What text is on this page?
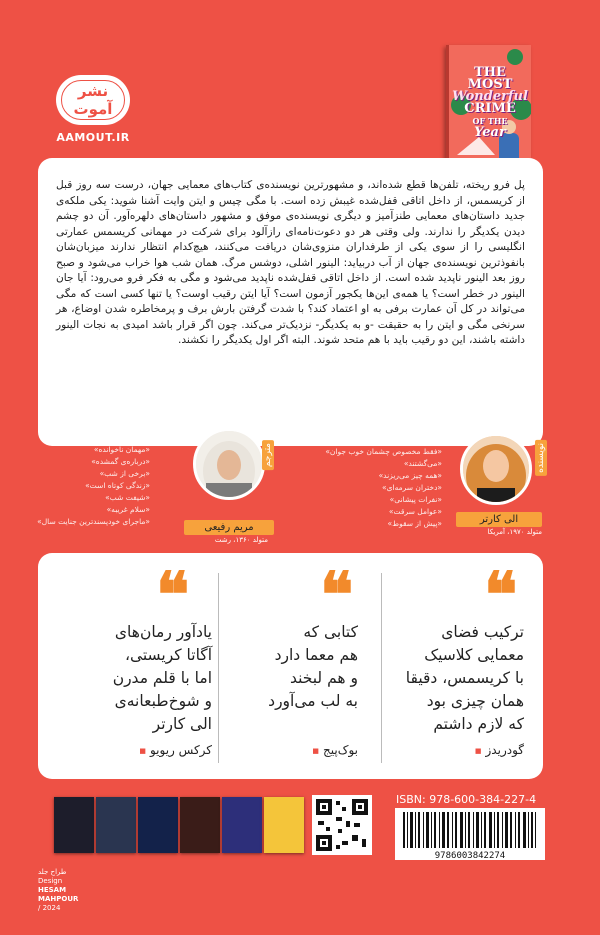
نشر آموت
AAMOUT.IR
THE
MOST
Wonderful
CRIME
OF THE
Year

پل فرو ریخته، تلفن‌ها قطع شده‌اند، و مشهورترین نویسنده‌ی کتاب‌های معمایی جهان، درست سه روز قبل از کریسمس، از داخل اتاقی قفل‌شده غیبش زده است. با مگی چیس و ایتن وایت آشنا شوید: یکی ملکه‌ی جدید داستان‌های معمایی طنزآمیز و دیگری نویسنده‌ی موفق و مشهور داستان‌های دلهره‌آور. آن دو چشم دیدن یکدیگر را ندارند. ولی وقتی هر دو دعوت‌نامه‌ای رازآلود برای شرکت در مهمانی کریسمس عمارتی انگلیسی را از سوی یکی از طرفداران منزوی‌شان دریافت می‌کنند، هیچ‌کدام انتظار ندارند میزبان‌شان بانفوذترین نویسنده‌ی جهان از آب دربیاید: الینور اشلی، دوشس مرگ. همان شب هوا خراب می‌شود و صبح روز بعد الینور ناپدید شده است. از داخل اتاقی قفل‌شده ناپدید می‌شود و مگی به فکر فرو می‌رود: آیا جان الینور در خطر است؟ یا همه‌ی این‌ها یکجور آزمون است؟ آیا ایتن رقیب اوست؟ یا تنها کسی است که مگی می‌تواند در کل آن عمارت برفی به او اعتماد کند؟ با شدت گرفتن بارش برف و پرمخاطره شدن اوضاع، هر سرنخی مگی و ایتن را به حقیقت -و به یکدیگر- نزدیک‌تر می‌کند. چون اگر قرار باشد امیدی به نجات الینور داشته باشند، این دو رقیب باید با هم متحد شوند. البته اگر اول یکدیگر را نکشند.

نویسنده
الی کارتر
متولد ۱۹۷۰، آمریکا
آثار منتشرشده
«فقط مخصوص چشمان خوب جوان»
«می‌گشتند»
«همه چیز می‌ریزند»
«دختران سرمه‌ای»
«نفرات پیشانی»
«عوامل سرقت»
«پیش از سقوط»
مترجم
مریم رفیعی
متولد ۱۳۶۰، رشت
آثار منتشرشده در آموت
«مهمان ناخوانده»
«درباره‌ی گمشده»
«برخی از شب»
«زندگی کوتاه است»
«شیفت شب»
«سلام غریبه»
«ماجرای خودپسندترین جنایت سال»
❝

ترکیب فضای
معمایی کلاسیک
با کریسمس، دقیقا
همان چیزی بود
که لازم داشتم

گودریدز ■
❝

کتابی که
هم معما دارد
و هم لبخند
به لب می‌آورد

بوک‌پیج ■
❝

یادآور رمان‌های
آگاتا کریستی،
اما با قلم مدرن
و شوخ‌طبعانه‌ی
الی کارتر

کرکس ریویو ■
ISBN: 978-600-384-227-4
9786003842274
طراح جلد
Design
HESAM
MAHPOUR
/ 2024
